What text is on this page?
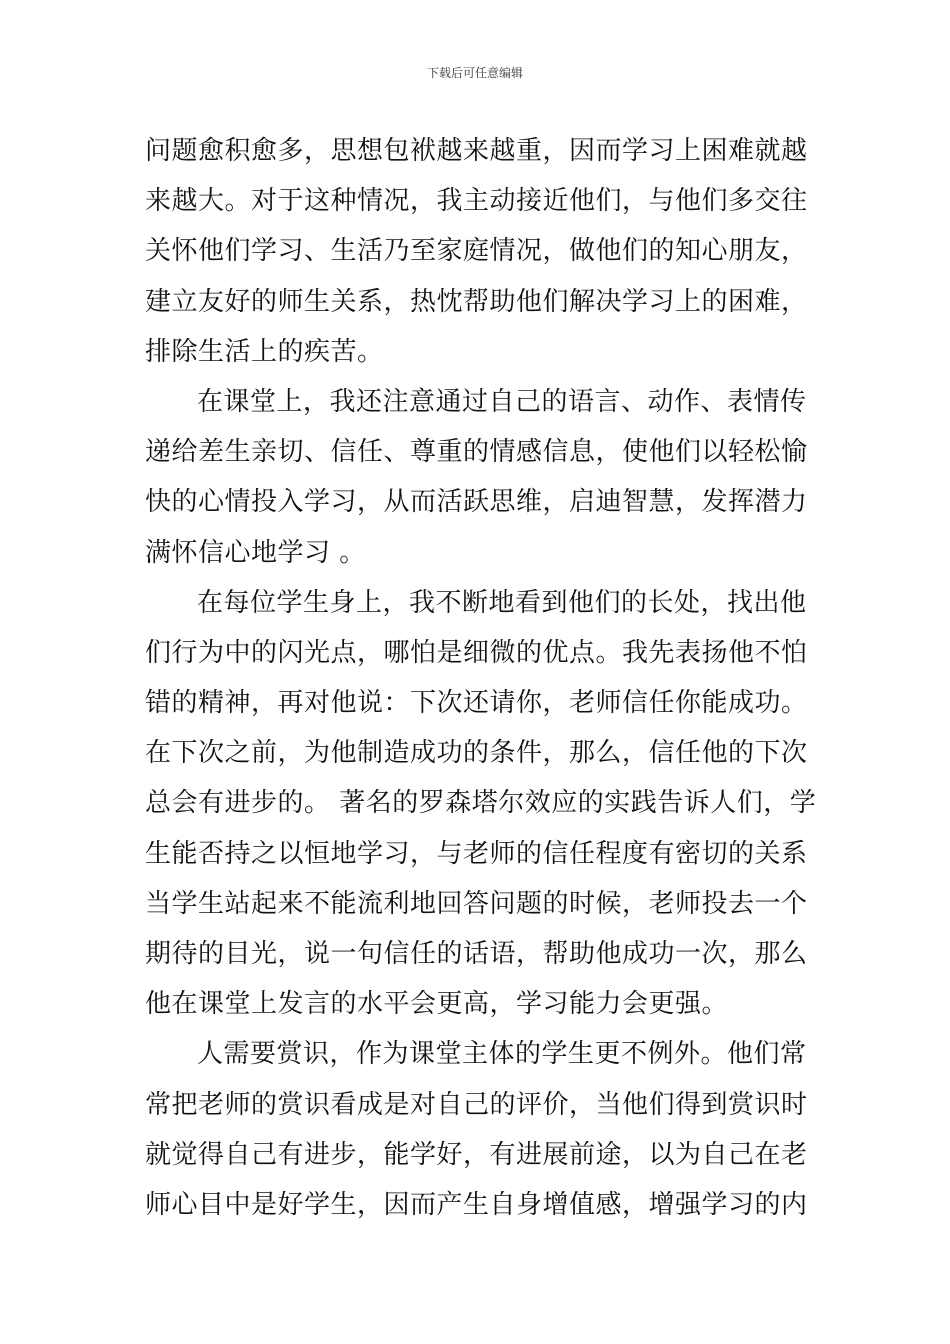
下载后可任意编辑
问题愈积愈多，思想包袱越来越重，因而学习上困难就越
来越大。对于这种情况，我主动接近他们，与他们多交往
关怀他们学习、生活乃至家庭情况，做他们的知心朋友，
建立友好的师生关系，热忱帮助他们解决学习上的困难，
排除生活上的疾苦。
在课堂上，我还注意通过自己的语言、动作、表情传
递给差生亲切、信任、尊重的情感信息，使他们以轻松愉
快的心情投入学习，从而活跃思维，启迪智慧，发挥潜力
满怀信心地学习 。
在每位学生身上，我不断地看到他们的长处，找出他
们行为中的闪光点，哪怕是细微的优点。我先表扬他不怕
错的精神，再对他说：下次还请你，老师信任你能成功。
在下次之前，为他制造成功的条件，那么，信任他的下次
总会有进步的。 著名的罗森塔尔效应的实践告诉人们，学
生能否持之以恒地学习，与老师的信任程度有密切的关系
当学生站起来不能流利地回答问题的时候，老师投去一个
期待的目光，说一句信任的话语，帮助他成功一次，那么
他在课堂上发言的水平会更高，学习能力会更强。
人需要赏识，作为课堂主体的学生更不例外。他们常
常把老师的赏识看成是对自己的评价，当他们得到赏识时
就觉得自己有进步，能学好，有进展前途，以为自己在老
师心目中是好学生，因而产生自身增值感，增强学习的内
